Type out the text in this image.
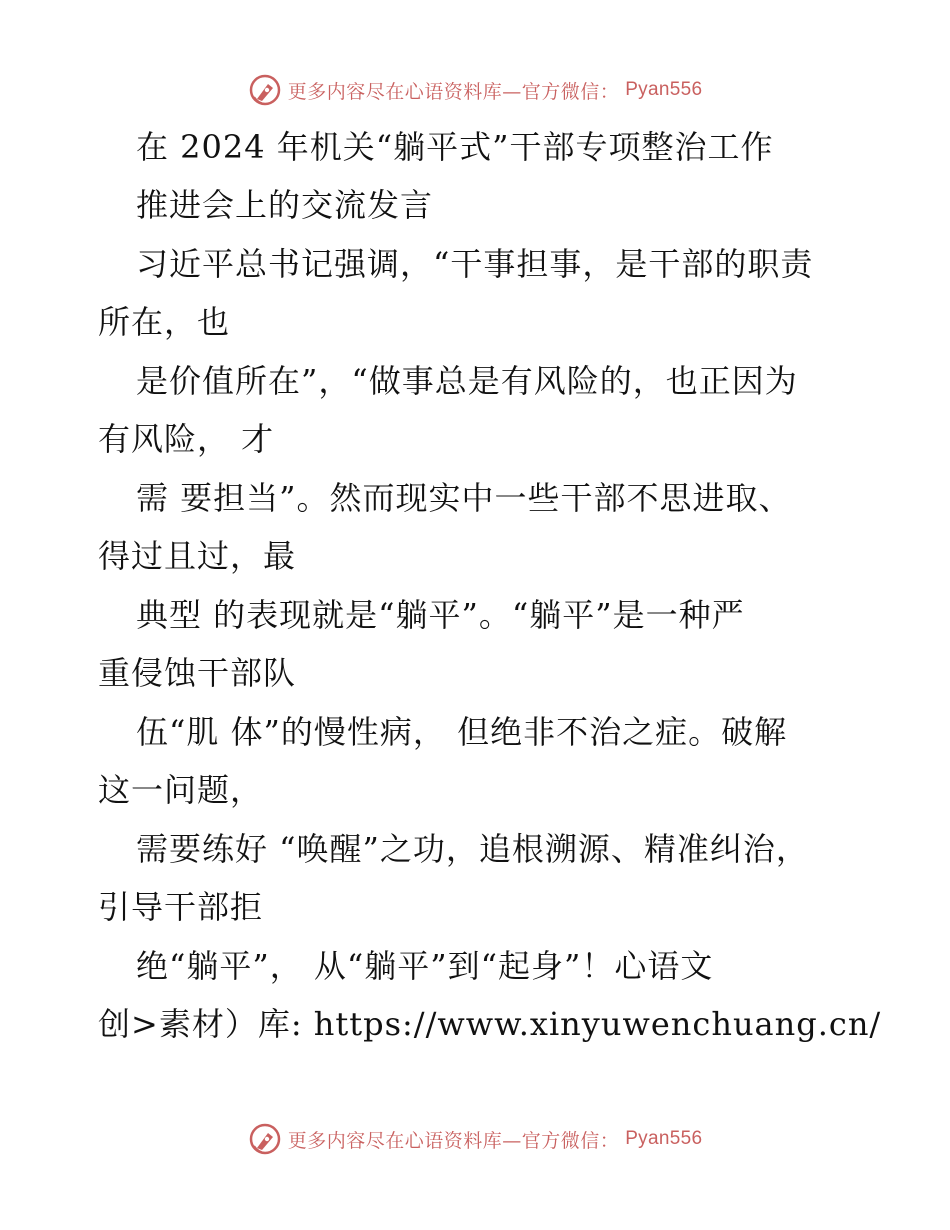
更多内容尽在心语资料库—官方微信： Pyan556
在 2024 年机关“躺平式”干部专项整治工作
推进会上的交流发言
习近平总书记强调，“干事担事，是干部的职责
所在，也
是价值所在”，“做事总是有风险的，也正因为
有风险， 才
需 要担当”。然而现实中一些干部不思进取、
得过且过，最
典型 的表现就是“躺平”。“躺平”是一种严
重侵蚀干部队
伍“肌 体”的慢性病， 但绝非不治之症。破解
这一问题，
需要练好 “唤醒”之功，追根溯源、精准纠治，
引导干部拒
绝“躺平”， 从“躺平”到“起身”！心语文
创>素材）库: https://www.xinyuwenchuang.cn/
更多内容尽在心语资料库—官方微信： Pyan556
